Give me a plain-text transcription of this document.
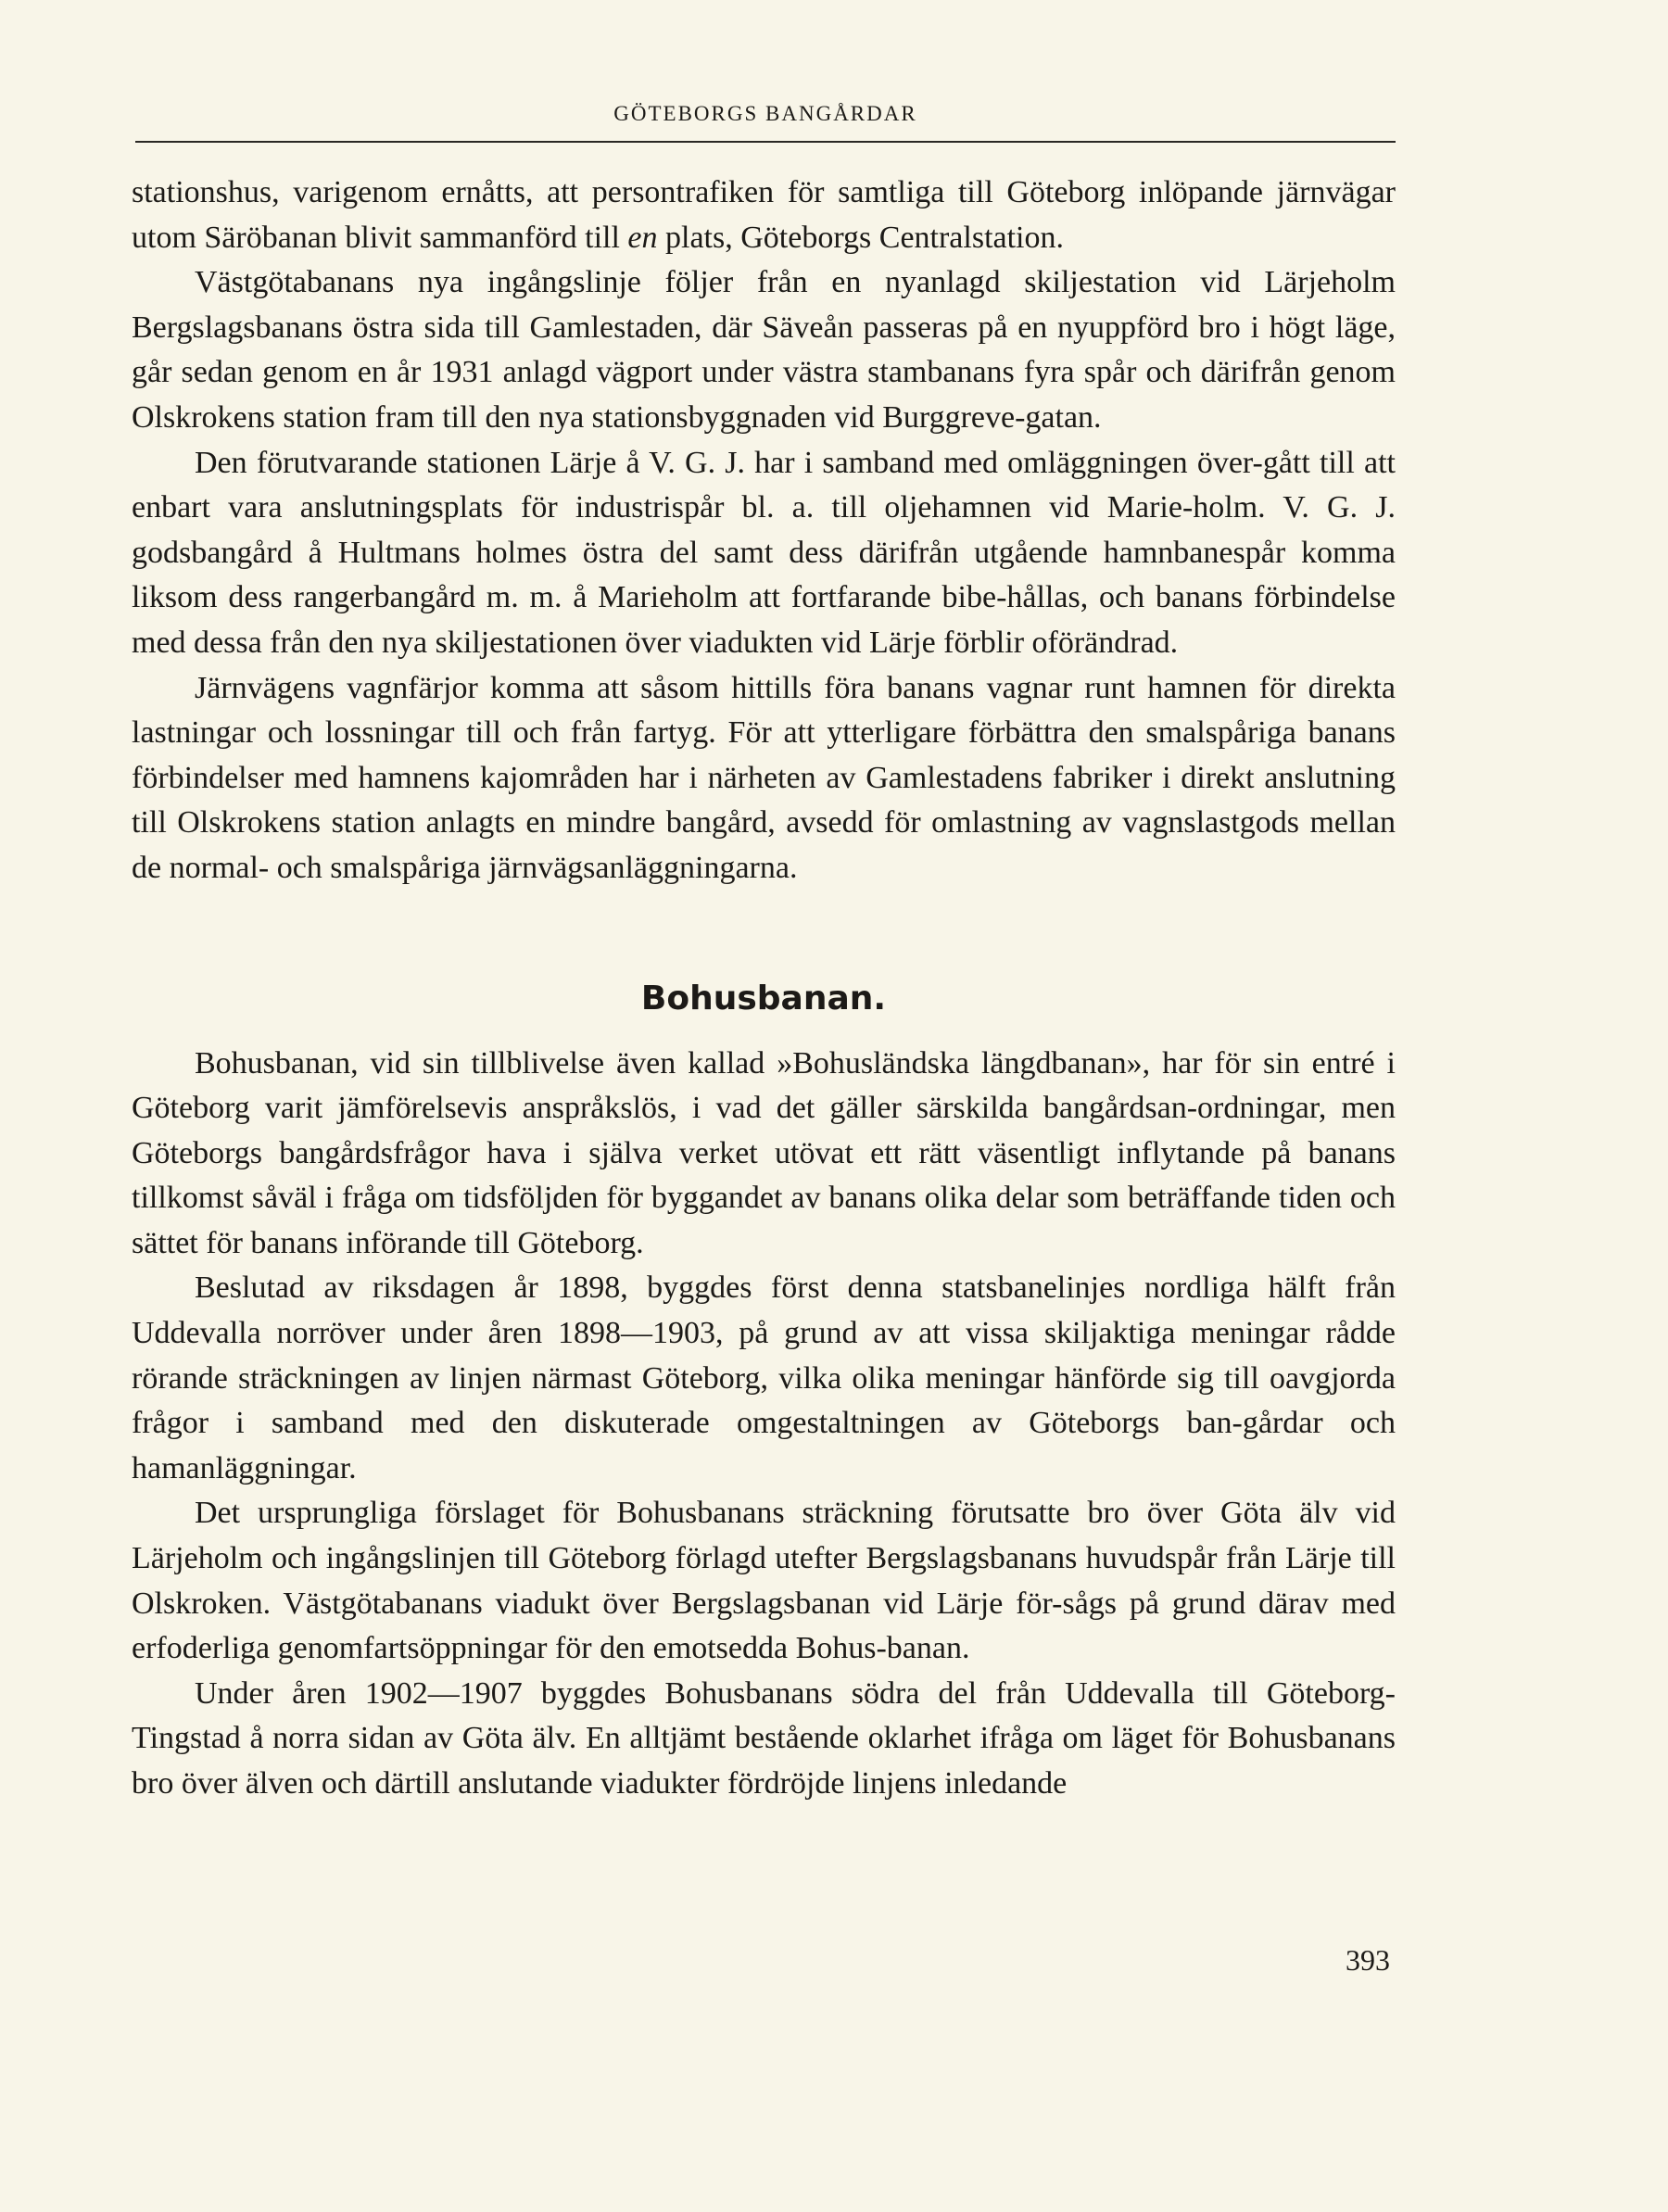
GÖTEBORGS BANGÅRDAR

stationshus, varigenom ernåtts, att persontrafiken för samtliga till Göteborg inlöpande järnvägar utom Säröbanan blivit sammanförd till en plats, Göteborgs Centralstation.

Västgötabanans nya ingångslinje följer från en nyanlagd skiljestation vid Lärjeholm Bergslagsbanans östra sida till Gamlestaden, där Säveån passeras på en nyuppförd bro i högt läge, går sedan genom en år 1931 anlagd vägport under västra stambanans fyra spår och därifrån genom Olskrokens station fram till den nya stationsbyggnaden vid Burggreve-gatan.

Den förutvarande stationen Lärje å V. G. J. har i samband med omläggningen över-gått till att enbart vara anslutningsplats för industrispår bl. a. till oljehamnen vid Marie-holm. V. G. J. godsbangård å Hultmans holmes östra del samt dess därifrån utgående hamnbanespår komma liksom dess rangerbangård m. m. å Marieholm att fortfarande bibe-hållas, och banans förbindelse med dessa från den nya skiljestationen över viadukten vid Lärje förblir oförändrad.

Järnvägens vagnfärjor komma att såsom hittills föra banans vagnar runt hamnen för direkta lastningar och lossningar till och från fartyg. För att ytterligare förbättra den smalspåriga banans förbindelser med hamnens kajområden har i närheten av Gamlestadens fabriker i direkt anslutning till Olskrokens station anlagts en mindre bangård, avsedd för omlastning av vagnslastgods mellan de normal- och smalspåriga järnvägsanläggningarna.

Bohusbanan.

Bohusbanan, vid sin tillblivelse även kallad »Bohusländska längdbanan», har för sin entré i Göteborg varit jämförelsevis anspråkslös, i vad det gäller särskilda bangårdsan-ordningar, men Göteborgs bangårdsfrågor hava i själva verket utövat ett rätt väsentligt inflytande på banans tillkomst såväl i fråga om tidsföljden för byggandet av banans olika delar som beträffande tiden och sättet för banans införande till Göteborg.

Beslutad av riksdagen år 1898, byggdes först denna statsbanelinjes nordliga hälft från Uddevalla norröver under åren 1898—1903, på grund av att vissa skiljaktiga meningar rådde rörande sträckningen av linjen närmast Göteborg, vilka olika meningar hänförde sig till oavgjorda frågor i samband med den diskuterade omgestaltningen av Göteborgs ban-gårdar och hamanläggningar.

Det ursprungliga förslaget för Bohusbanans sträckning förutsatte bro över Göta älv vid Lärjeholm och ingångslinjen till Göteborg förlagd utefter Bergslagsbanans huvudspår från Lärje till Olskroken. Västgötabanans viadukt över Bergslagsbanan vid Lärje för-sågs på grund därav med erfoderliga genomfartsöppningar för den emotsedda Bohus-banan.

Under åren 1902—1907 byggdes Bohusbanans södra del från Uddevalla till Göteborg-Tingstad å norra sidan av Göta älv. En alltjämt bestående oklarhet ifråga om läget för Bohusbanans bro över älven och därtill anslutande viadukter fördröjde linjens inledande

393
